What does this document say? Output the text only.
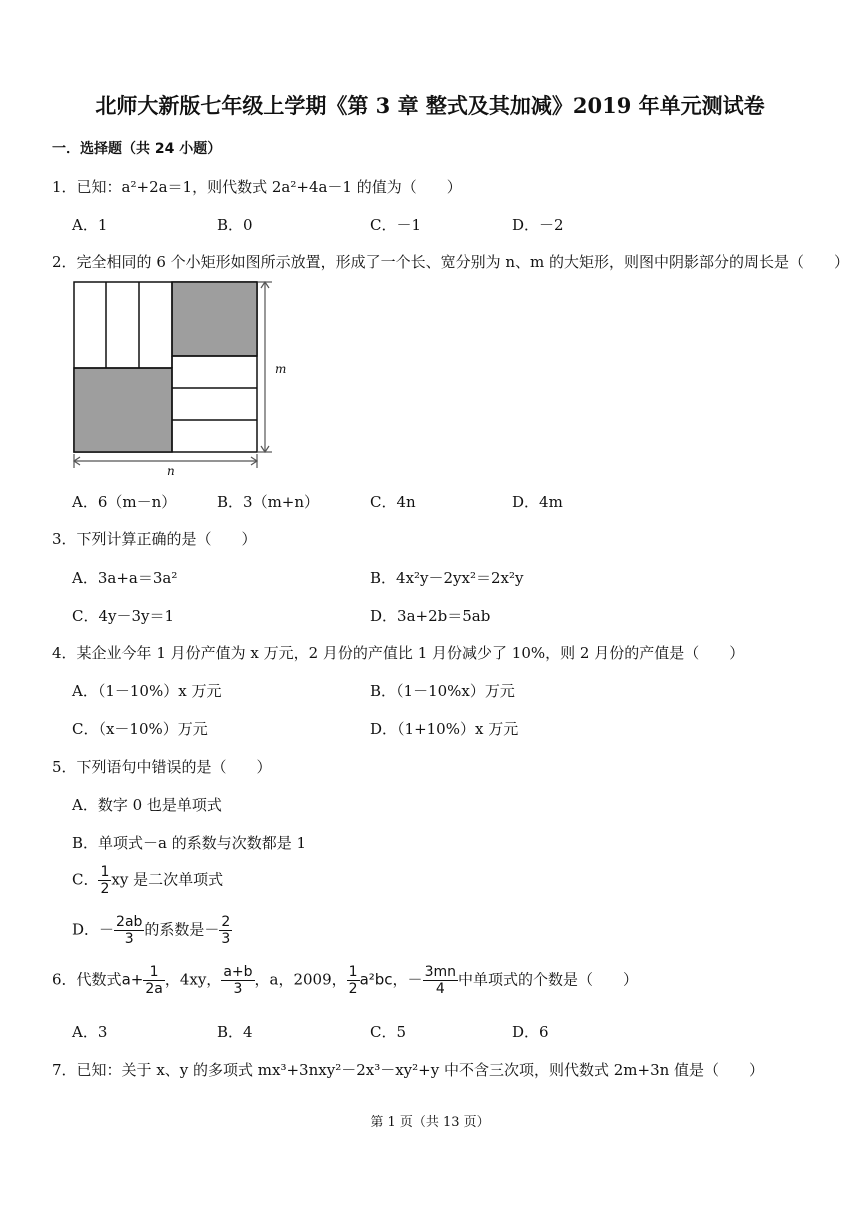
北师大新版七年级上学期《第 3 章 整式及其加减》2019 年单元测试卷
一．选择题（共 24 小题）
1．已知：a²+2a＝1，则代数式 2a²+4a－1 的值为（　　）
A．1	B．0	C．－1	D．－2
2．完全相同的 6 个小矩形如图所示放置，形成了一个长、宽分别为 n、m 的大矩形，则图中阴影部分的周长是（　　）
m
n
A．6（m－n）	B．3（m+n）	C．4n	D．4m
3．下列计算正确的是（　　）
A．3a+a＝3a²	B．4x²y－2yx²＝2x²y
C．4y－3y＝1	D．3a+2b＝5ab
4．某企业今年 1 月份产值为 x 万元，2 月份的产值比 1 月份减少了 10%，则 2 月份的产值是（　　）
A．（1－10%）x 万元	B．（1－10%x）万元
C．（x－10%）万元	D．（1+10%）x 万元
5．下列语句中错误的是（　　）
A．数字 0 也是单项式
B．单项式－a 的系数与次数都是 1
C． $\frac{1}{2}$ xy 是二次单项式
D．－ $\frac{2ab}{3}$ 的系数是－ $\frac{2}{3}$
6．代数式$a+ \frac{1}{2a}$ ，4xy， $\frac{a+b}{3}$ ，a，2009， $\frac{1}{2} a^2bc$，－ $\frac{3mn}{4}$ 中单项式的个数是（　　）
A．3	B．4	C．5	D．6
7．已知：关于 x、y 的多项式 mx³+3nxy²－2x³－xy²+y 中不含三次项，则代数式 2m+3n 值是（　　）
第 1 页（共 13 页）
